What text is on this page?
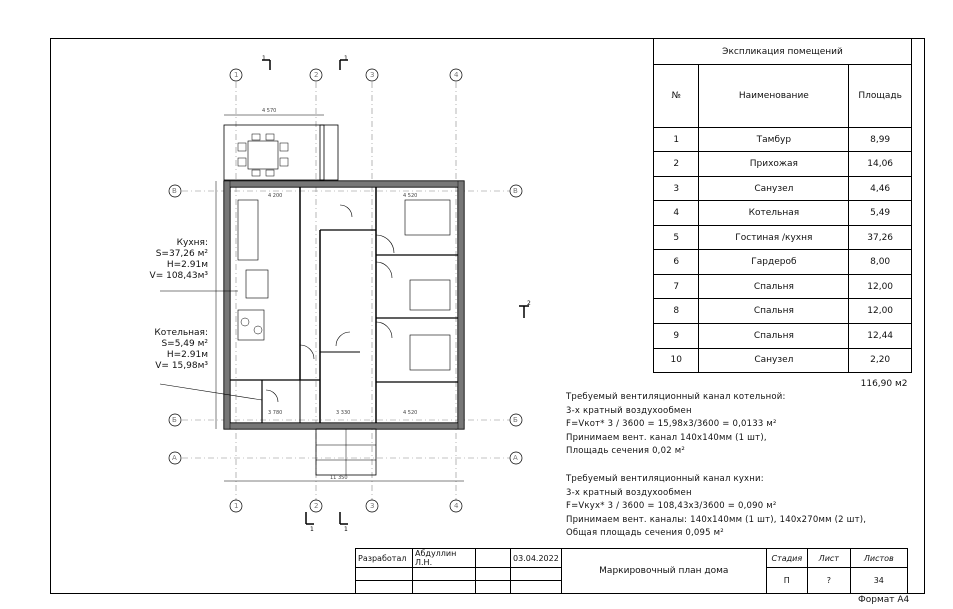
4 570
11 350
4 200	4 520
3 780	3 330	4 520
1	2	3	4
1	2	3	4
В
Б
А
В
Б
А
1	1
1	1
2
Кухня:
S=37,26 м²
H=2.91м
V= 108,43м³
Котельная:
S=5,49 м²
H=2.91м
V= 15,98м³
Экспликация помещений		
№	Наименование	Площадь
1	Тамбур	8,99
2	Прихожая	14,06
3	Санузел	4,46
4	Котельная	5,49
5	Гостиная /кухня	37,26
6	Гардероб	8,00
7	Спальня	12,00
8	Спальня	12,00
9	Спальня	12,44
10	Санузел	2,20
		116,90 м2
Требуемый вентиляционный канал котельной:
3-х кратный воздухообмен
F=Vкот* 3 / 3600 = 15,98x3/3600 = 0,0133 м²
Принимаем вент. канал 140х140мм (1 шт),
Площадь сечения 0,02 м²
Требуемый вентиляционный канал кухни:
3-х кратный воздухообмен
F=Vкух* 3 / 3600 = 108,43х3/3600 = 0,090 м²
Принимаем вент. каналы: 140х140мм (1 шт), 140х270мм (2 шт),
Общая площадь сечения 0,095 м²
Разработал	Абдуллин Л.Н.		03.04.2022	Маркировочный план дома	Стадия	Лист	Листов
					П	?	34

Формат А4
